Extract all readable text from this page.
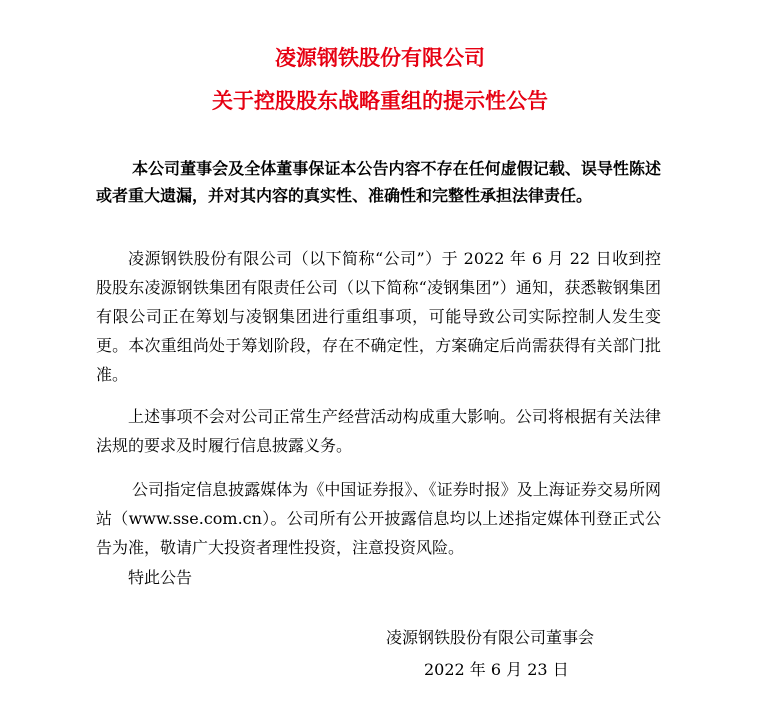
凌源钢铁股份有限公司
关于控股股东战略重组的提示性公告

本公司董事会及全体董事保证本公告内容不存在任何虚假记载、误导性陈述或者重大遗漏，并对其内容的真实性、准确性和完整性承担法律责任。

凌源钢铁股份有限公司（以下简称“公司”）于 2022 年 6 月 22 日收到控股股东凌源钢铁集团有限责任公司（以下简称“凌钢集团”）通知，获悉鞍钢集团有限公司正在筹划与凌钢集团进行重组事项，可能导致公司实际控制人发生变更。本次重组尚处于筹划阶段，存在不确定性，方案确定后尚需获得有关部门批准。

上述事项不会对公司正常生产经营活动构成重大影响。公司将根据有关法律法规的要求及时履行信息披露义务。

公司指定信息披露媒体为《中国证券报》、《证券时报》及上海证券交易所网站（www.sse.com.cn）。公司所有公开披露信息均以上述指定媒体刊登正式公告为准，敬请广大投资者理性投资，注意投资风险。

特此公告
凌源钢铁股份有限公司董事会
2022 年 6 月 23 日
